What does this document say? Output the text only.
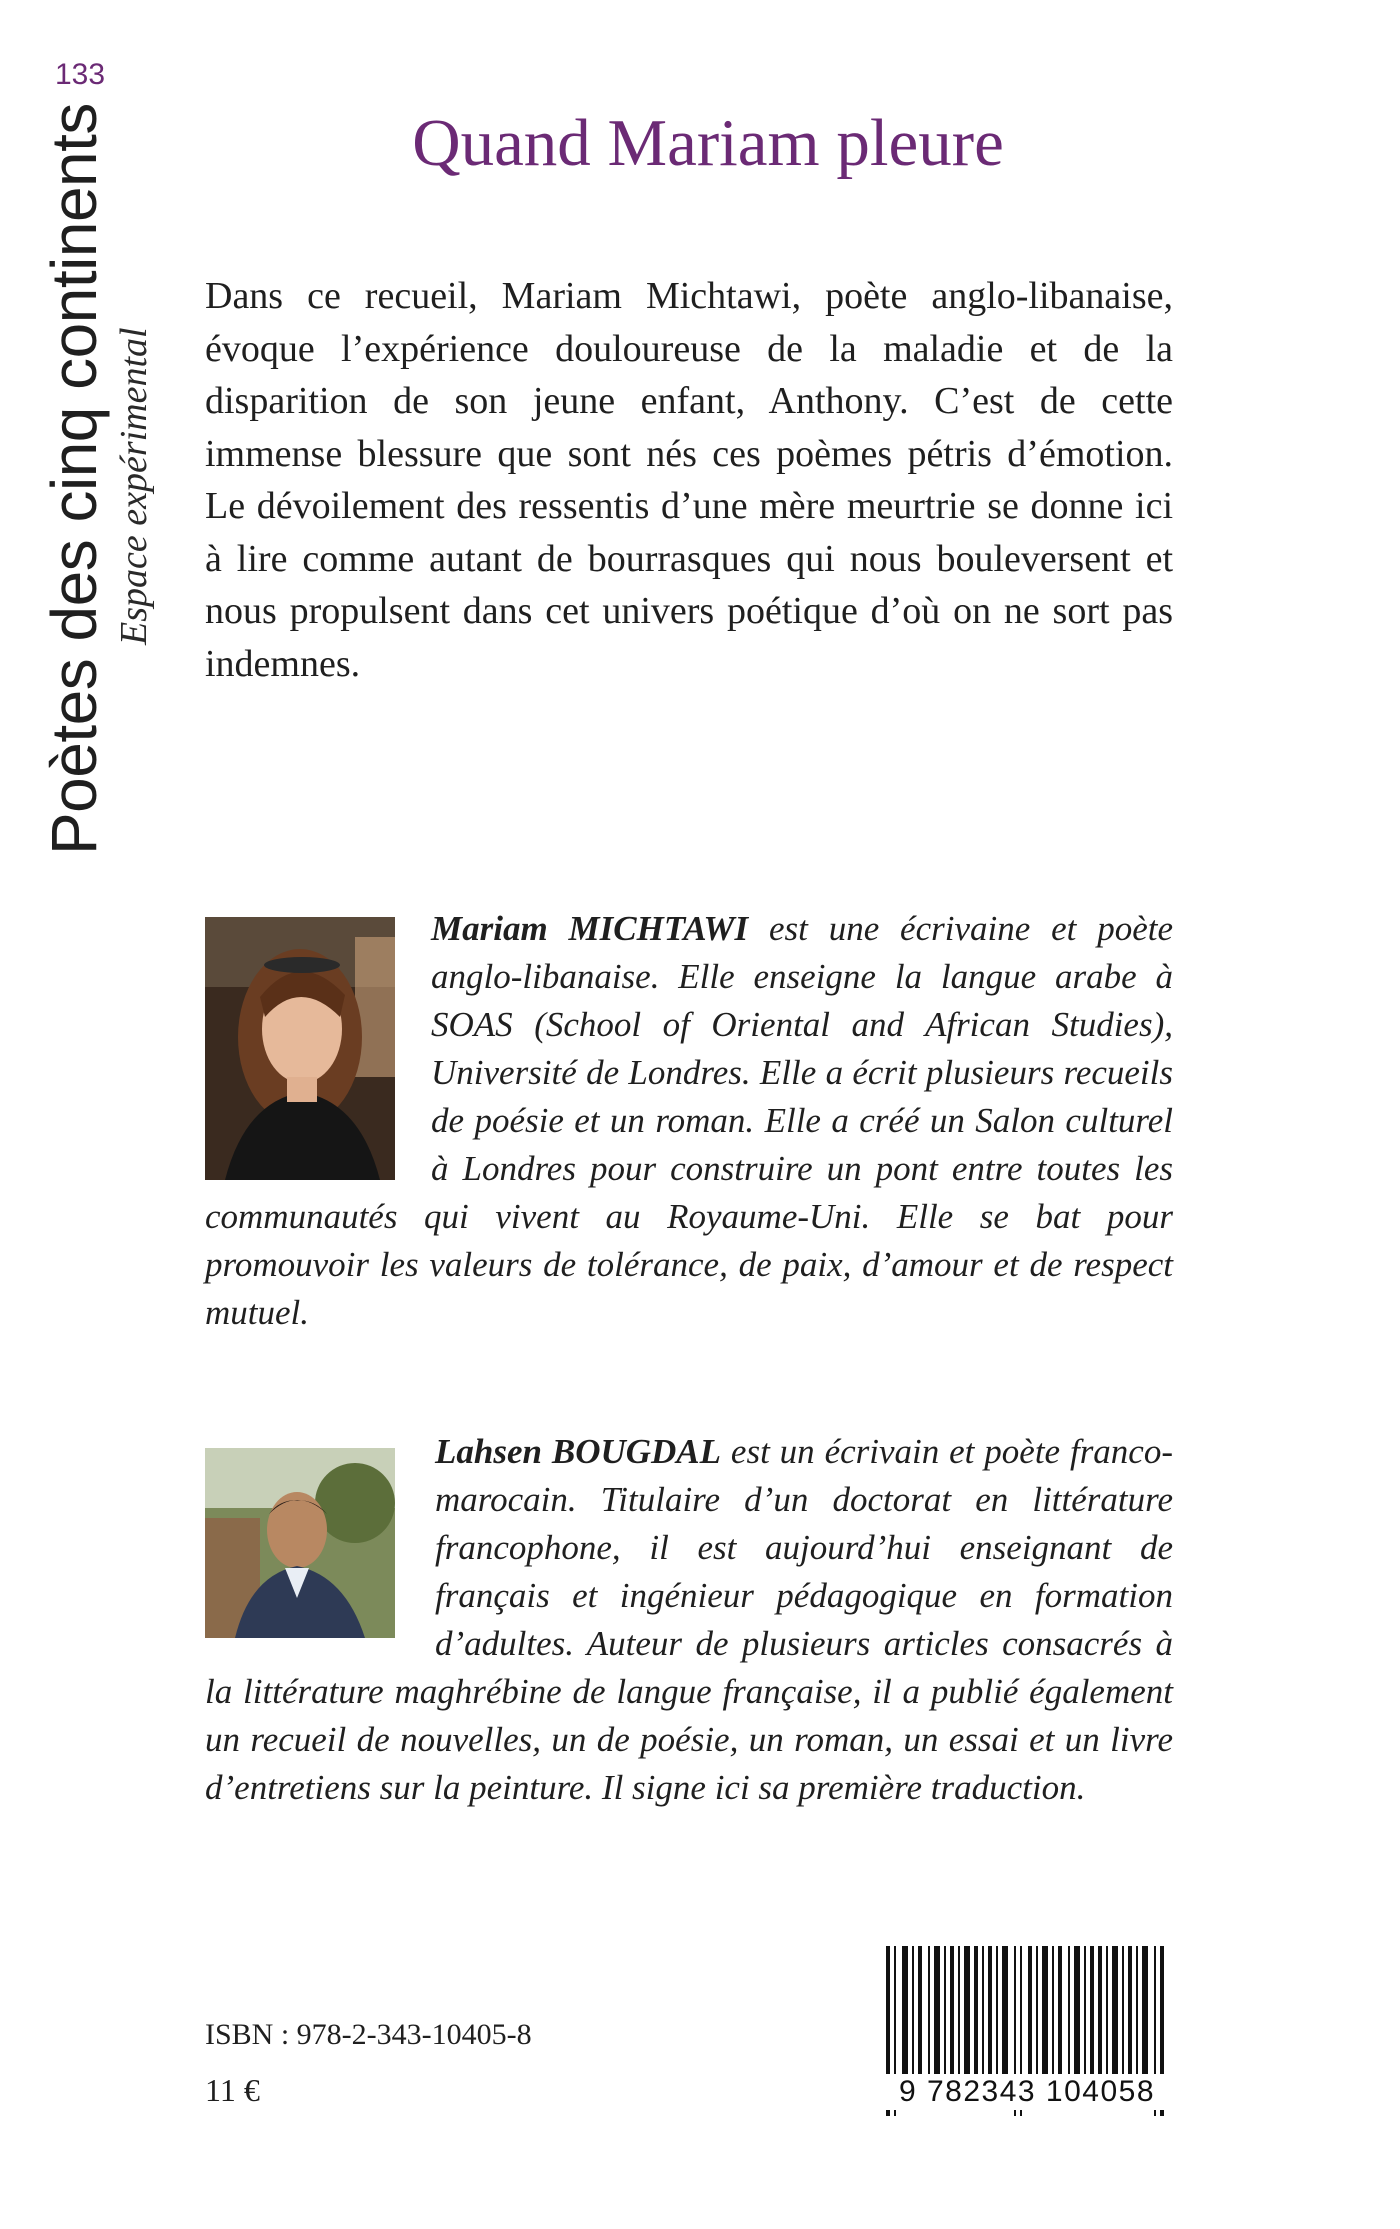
133
Poètes des cinq continents Espace expérimental
Quand Mariam pleure

Dans ce recueil, Mariam Michtawi, poète anglo-libanaise, évoque l’expérience douloureuse de la maladie et de la disparition de son jeune enfant, Anthony. C’est de cette immense blessure que sont nés ces poèmes pétris d’émotion. Le dévoilement des ressentis d’une mère meurtrie se donne ici à lire comme autant de bourrasques qui nous bouleversent et nous propulsent dans cet univers poétique d’où on ne sort pas indemnes.

Mariam MICHTAWI est une écrivaine et poète anglo-libanaise. Elle enseigne la langue arabe à SOAS (School of Oriental and African Studies), Université de Londres. Elle a écrit plusieurs recueils de poésie et un roman. Elle a créé un Salon culturel à Londres pour construire un pont entre toutes les communautés qui vivent au Royaume-Uni. Elle se bat pour promouvoir les valeurs de tolérance, de paix, d’amour et de respect mutuel.
Lahsen BOUGDAL est un écrivain et poète franco-marocain. Titulaire d’un doctorat en littérature francophone, il est aujourd’hui enseignant de français et ingénieur pédagogique en formation d’adultes. Auteur de plusieurs articles consacrés à la littérature maghrébine de langue française, il a publié également un recueil de nouvelles, un de poésie, un roman, un essai et un livre d’entretiens sur la peinture. Il signe ici sa première traduction.
ISBN : 978-2-343-10405-8
11 €	9 782343 104058
